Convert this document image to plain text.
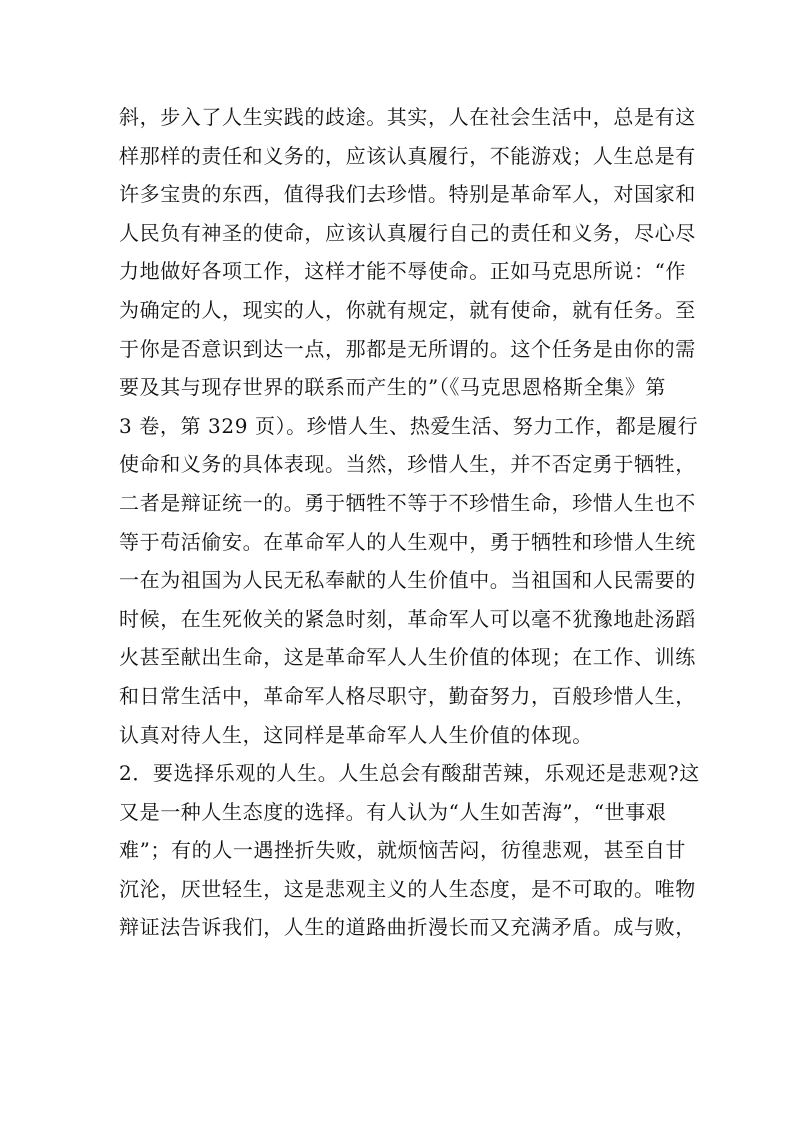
斜，步入了人生实践的歧途。其实，人在社会生活中，总是有这
样那样的责任和义务的，应该认真履行，不能游戏；人生总是有
许多宝贵的东西，值得我们去珍惜。特别是革命军人，对国家和
人民负有神圣的使命，应该认真履行自己的责任和义务，尽心尽
力地做好各项工作，这样才能不辱使命。正如马克思所说：“作
为确定的人，现实的人，你就有规定，就有使命，就有任务。至
于你是否意识到达一点，那都是无所谓的。这个任务是由你的需
要及其与现存世界的联系而产生的”（《马克思恩格斯全集》第
3 卷，第 329 页）。珍惜人生、热爱生活、努力工作，都是履行
使命和义务的具体表现。当然，珍惜人生，并不否定勇于牺牲，
二者是辩证统一的。勇于牺牲不等于不珍惜生命，珍惜人生也不
等于苟活偷安。在革命军人的人生观中，勇于牺牲和珍惜人生统
一在为祖国为人民无私奉献的人生价值中。当祖国和人民需要的
时候，在生死攸关的紧急时刻，革命军人可以毫不犹豫地赴汤蹈
火甚至献出生命，这是革命军人人生价值的体现；在工作、训练
和日常生活中，革命军人格尽职守，勤奋努力，百般珍惜人生，
认真对待人生，这同样是革命军人人生价值的体现。
2．要选择乐观的人生。人生总会有酸甜苦辣，乐观还是悲观?这
又是一种人生态度的选择。有人认为“人生如苦海”，“世事艰
难”；有的人一遇挫折失败，就烦恼苦闷，彷徨悲观，甚至自甘
沉沦，厌世轻生，这是悲观主义的人生态度，是不可取的。唯物
辩证法告诉我们，人生的道路曲折漫长而又充满矛盾。成与败，
